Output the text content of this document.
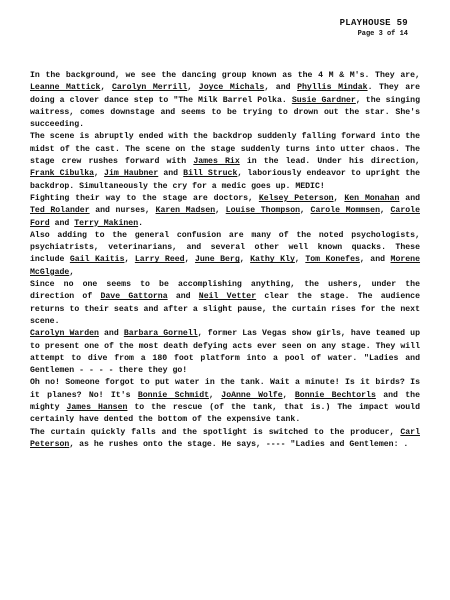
PLAYHOUSE 59
Page 3 of 14

In the background, we see the dancing group known as the 4 M & M's. They are, Leanne Mattick, Carolyn Merrill, Joyce Michals, and Phyllis Mindak. They are doing a clover dance step to "The Milk Barrel Polka. Susie Gardner, the singing waitress, comes downstage and seems to be trying to drown out the star. She's succeeding.

The scene is abruptly ended with the backdrop suddenly falling forward into the midst of the cast. The scene on the stage suddenly turns into utter chaos. The stage crew rushes forward with James Rix in the lead. Under his direction, Frank Cibulka, Jim Haubner and Bill Struck, laboriously endeavor to upright the backdrop. Simultaneously the cry for a medic goes up. MEDIC!

Fighting their way to the stage are doctors, Kelsey Peterson, Ken Monahan and Ted Rolander and nurses, Karen Madsen, Louise Thompson, Carole Mommsen, Carole Ford and Terry Makinen.

Also adding to the general confusion are many of the noted psychologists, psychiatrists, veterinarians, and several other well known quacks. These include Gail Kaitis, Larry Reed, June Berg, Kathy Kly, Tom Konefes, and Morene McGlgade,

Since no one seems to be accomplishing anything, the ushers, under the direction of Dave Gattorna and Neil Vetter clear the stage. The audience returns to their seats and after a slight pause, the curtain rises for the next scene.

Carolyn Warden and Barbara Gornell, former Las Vegas show girls, have teamed up to present one of the most death defying acts ever seen on any stage. They will attempt to dive from a 180 foot platform into a pool of water. "Ladies and Gentlemen - - - - there they go!

Oh no! Someone forgot to put water in the tank. Wait a minute! Is it birds? Is it planes? No! It's Bonnie Schmidt, JoAnne Wolfe, Bonnie Bechtorls and the mighty James Hansen to the rescue (of the tank, that is.) The impact would certainly have dented the bottom of the expensive tank.

The curtain quickly falls and the spotlight is switched to the producer, Carl Peterson, as he rushes onto the stage. He says, ---- "Ladies and Gentlemen: .
